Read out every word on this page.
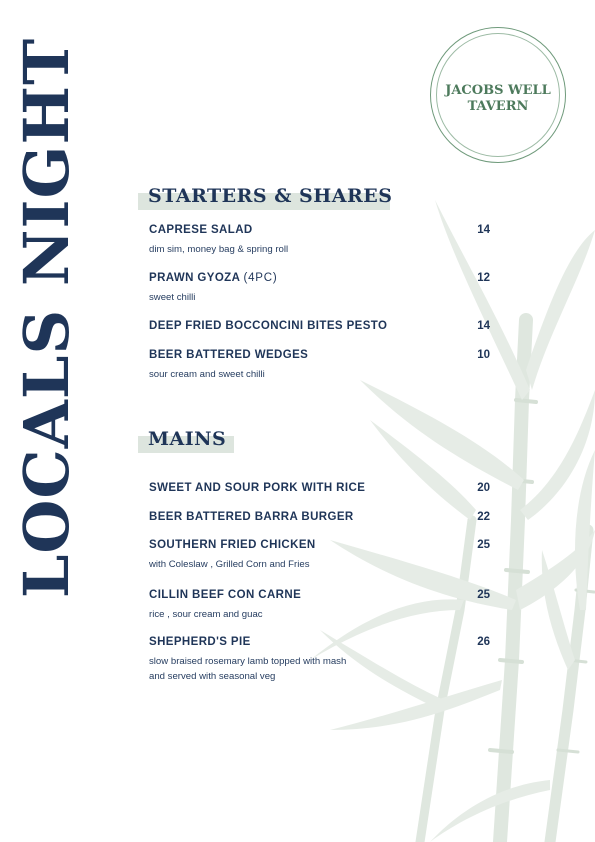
LOCALS NIGHT	JACOBS WELL
TAVERN
STARTERS & SHARES
CAPRESE SALAD	14
dim sim, money bag & spring roll
PRAWN GYOZA (4PC)	12
sweet chilli
DEEP FRIED BOCCONCINI BITES PESTO	14
BEER BATTERED WEDGES	10
sour cream and sweet chilli
MAINS
SWEET AND SOUR PORK WITH RICE	20
BEER BATTERED BARRA BURGER	22
SOUTHERN FRIED CHICKEN	25
with Coleslaw , Grilled Corn and Fries
CILLIN BEEF CON CARNE	25
rice , sour cream and guac
SHEPHERD'S PIE	26
slow braised rosemary lamb topped with mash
and served with seasonal veg
